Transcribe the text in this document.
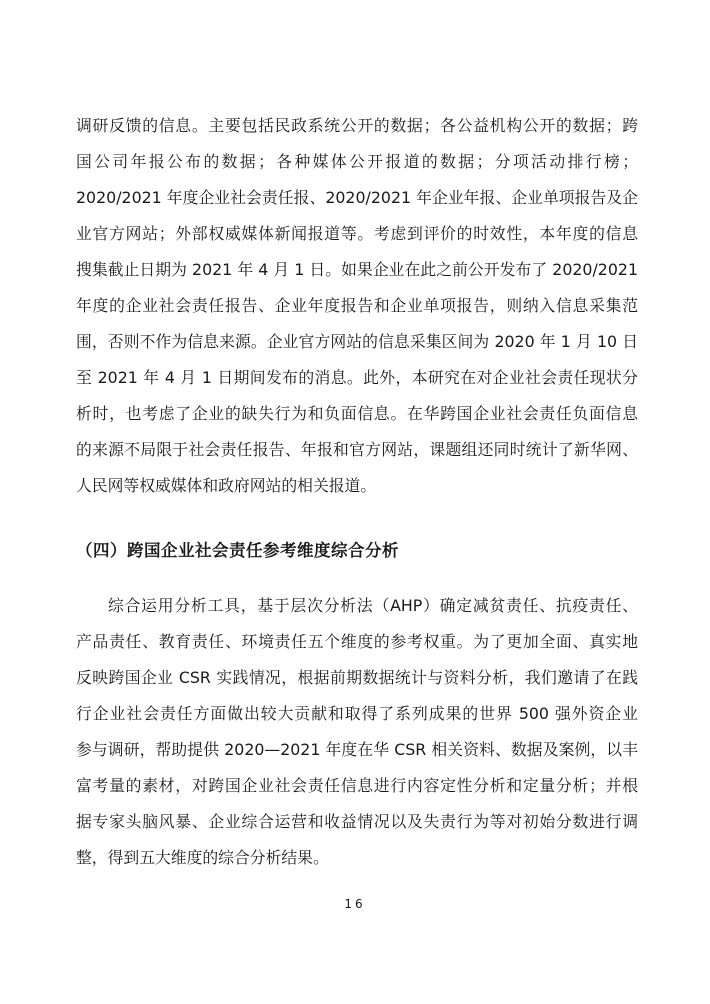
调研反馈的信息。主要包括民政系统公开的数据；各公益机构公开的数据；跨
国公司年报公布的数据；各种媒体公开报道的数据；分项活动排行榜；
2020/2021 年度企业社会责任报、2020/2021 年企业年报、企业单项报告及企
业官方网站；外部权威媒体新闻报道等。考虑到评价的时效性，本年度的信息
搜集截止日期为 2021 年 4 月 1 日。如果企业在此之前公开发布了 2020/2021
年度的企业社会责任报告、企业年度报告和企业单项报告，则纳入信息采集范
围，否则不作为信息来源。企业官方网站的信息采集区间为 2020 年 1 月 10 日
至 2021 年 4 月 1 日期间发布的消息。此外，本研究在对企业社会责任现状分
析时，也考虑了企业的缺失行为和负面信息。在华跨国企业社会责任负面信息
的来源不局限于社会责任报告、年报和官方网站，课题组还同时统计了新华网、
人民网等权威媒体和政府网站的相关报道。
（四）跨国企业社会责任参考维度综合分析
综合运用分析工具，基于层次分析法（AHP）确定减贫责任、抗疫责任、
产品责任、教育责任、环境责任五个维度的参考权重。为了更加全面、真实地
反映跨国企业 CSR 实践情况，根据前期数据统计与资料分析，我们邀请了在践
行企业社会责任方面做出较大贡献和取得了系列成果的世界 500 强外资企业
参与调研，帮助提供 2020—2021 年度在华 CSR 相关资料、数据及案例，以丰
富考量的素材，对跨国企业社会责任信息进行内容定性分析和定量分析；并根
据专家头脑风暴、企业综合运营和收益情况以及失责行为等对初始分数进行调
整，得到五大维度的综合分析结果。
16
